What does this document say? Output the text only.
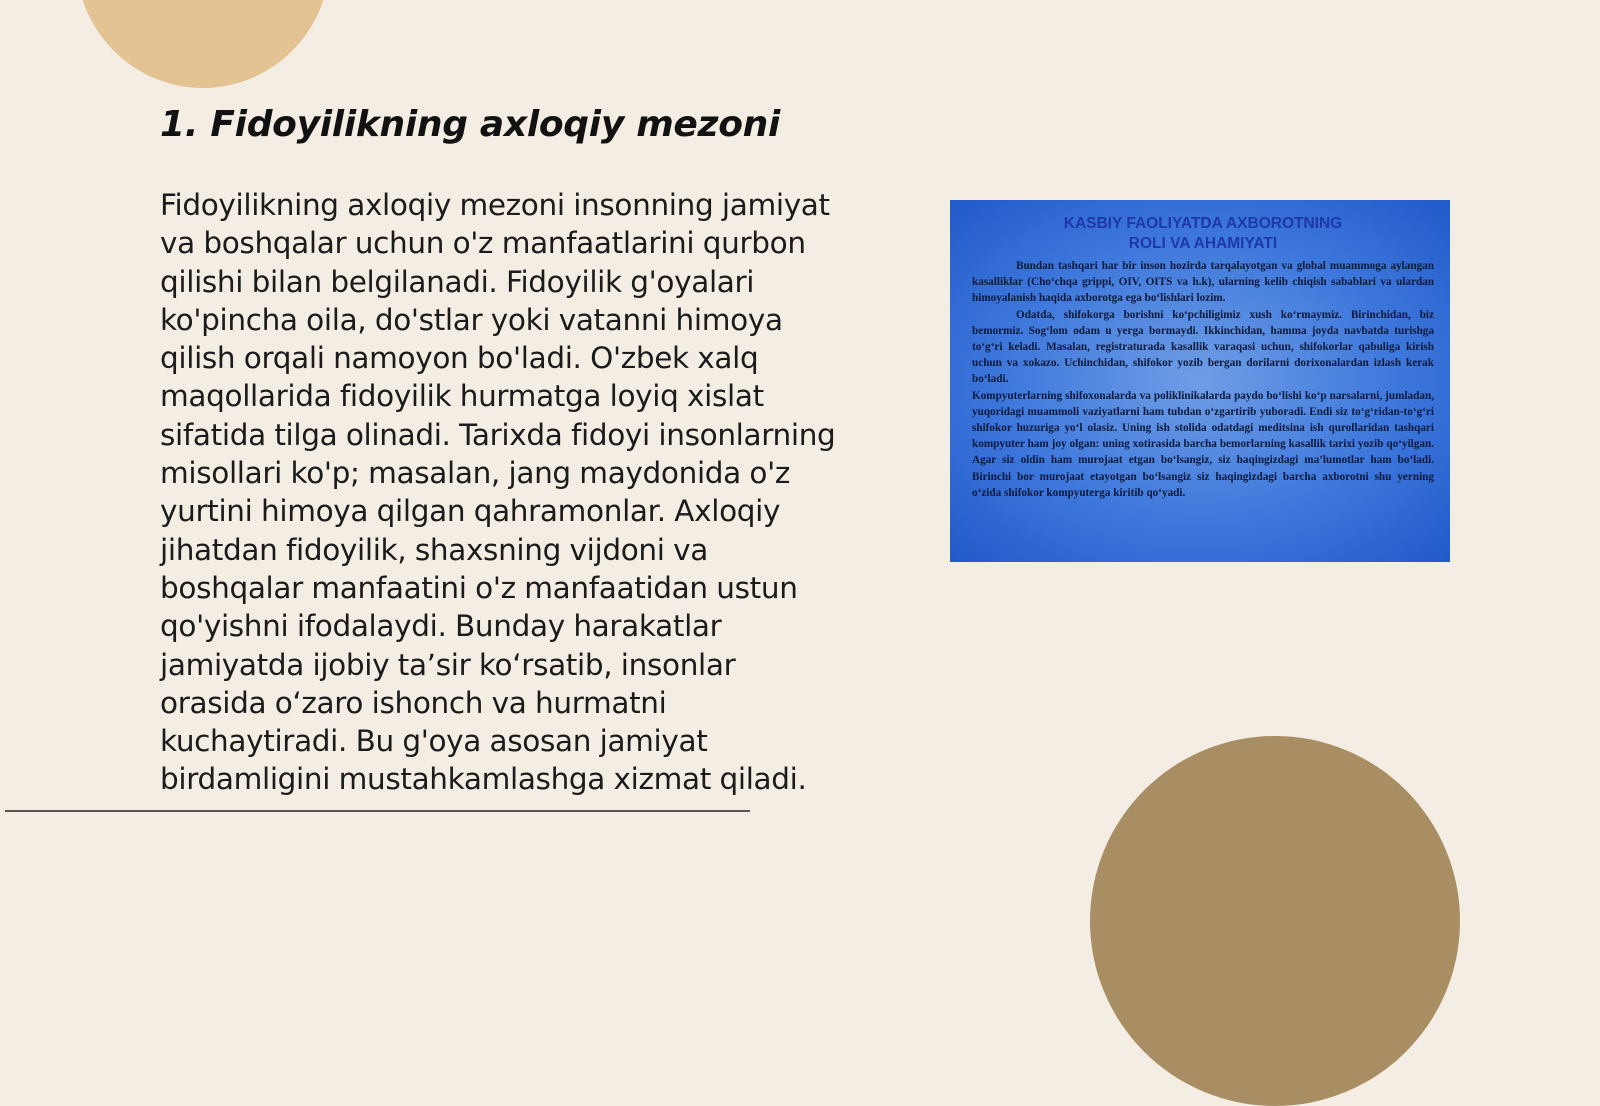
1. Fidoyilikning axloqiy mezoni

Fidoyilikning axloqiy mezoni insonning jamiyat va boshqalar uchun o'z manfaatlarini qurbon qilishi bilan belgilanadi. Fidoyilik g'oyalari ko'pincha oila, do'stlar yoki vatanni himoya qilish orqali namoyon bo'ladi. O'zbek xalq maqollarida fidoyilik hurmatga loyiq xislat sifatida tilga olinadi. Tarixda fidoyi insonlarning misollari ko'p; masalan, jang maydonida o'z yurtini himoya qilgan qahramonlar. Axloqiy jihatdan fidoyilik, shaxsning vijdoni va boshqalar manfaatini o'z manfaatidan ustun qo'yishni ifodalaydi. Bunday harakatlar jamiyatda ijobiy ta’sir ko‘rsatib, insonlar orasida o‘zaro ishonch va hurmatni kuchaytiradi. Bu g'oya asosan jamiyat birdamligini mustahkamlashga xizmat qiladi.

KASBIY FAOLIYATDA AXBOROTNING
ROLI VA AHAMIYATI

Bundan tashqari har bir inson hozirda tarqalayotgan va global muammoga aylangan kasalliklar (Cho‘chqa grippi, OIV, OITS va h.k), ularning kelib chiqish sabablari va ulardan himoyalanish haqida axborotga ega bo‘lishlari lozim.

Odatda, shifokorga borishni ko‘pchiligimiz xush ko‘rmaymiz. Birinchidan, biz bemormiz. Sog‘lom odam u yerga bormaydi. Ikkinchidan, hamma joyda navbatda turishga to‘g‘ri keladi. Masalan, registraturada kasallik varaqasi uchun, shifokorlar qabuliga kirish uchun va xokazo. Uchinchidan, shifokor yozib bergan dorilarni dorixonalardan izlash kerak bo‘ladi.

Kompyuterlarning shifoxonalarda va poliklinikalarda paydo bo‘lishi ko‘p narsalarni, jumladan, yuqoridagi muammoli vaziyatlarni ham tubdan o‘zgartirib yuboradi. Endi siz to‘g‘ridan-to‘g‘ri shifokor huzuriga yo‘l olasiz. Uning ish stolida odatdagi meditsina ish qurollaridan tashqari kompyuter ham joy olgan: uning xotirasida barcha bemorlarning kasallik tarixi yozib qo‘yilgan. Agar siz oldin ham murojaat etgan bo‘lsangiz, siz haqingizdagi ma’lumotlar ham bo‘ladi. Birinchi bor murojaat etayotgan bo‘lsangiz siz haqingizdagi barcha axborotni shu yerning o‘zida shifokor kompyuterga kiritib qo‘yadi.
